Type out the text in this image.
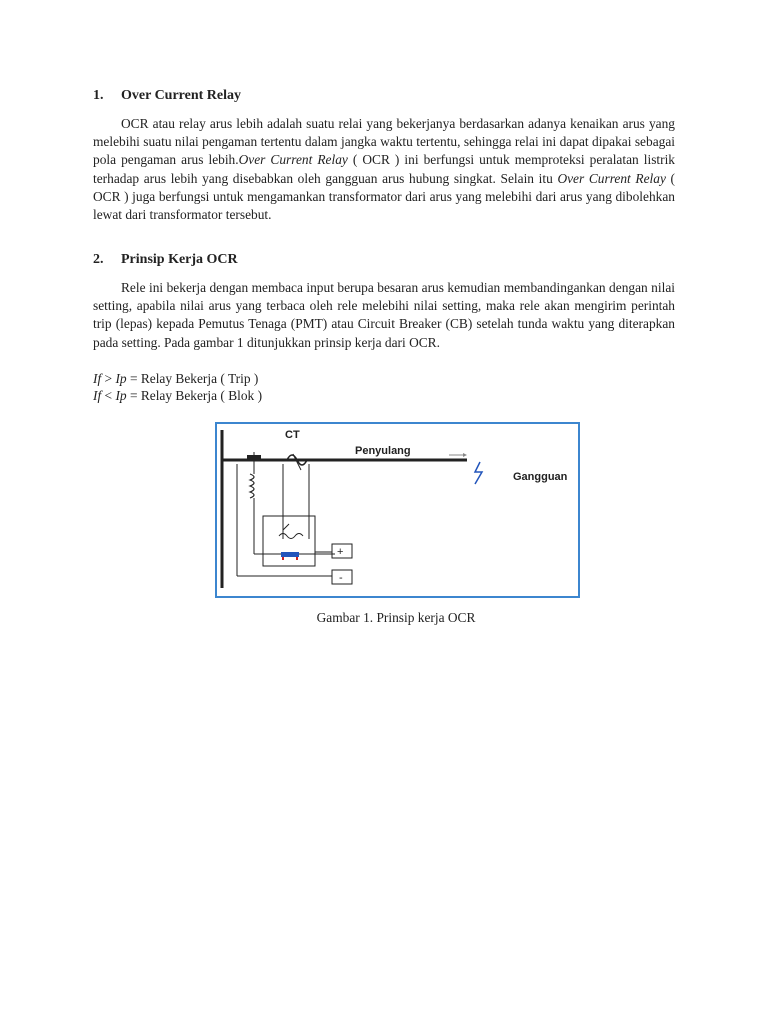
1. Over Current Relay

OCR atau relay arus lebih adalah suatu relai yang bekerjanya berdasarkan adanya kenaikan arus yang melebihi suatu nilai pengaman tertentu dalam jangka waktu tertentu, sehingga relai ini dapat dipakai sebagai pola pengaman arus lebih.Over Current Relay ( OCR ) ini berfungsi untuk memproteksi peralatan listrik terhadap arus lebih yang disebabkan oleh gangguan arus hubung singkat. Selain itu Over Current Relay ( OCR ) juga berfungsi untuk mengamankan transformator dari arus yang melebihi dari arus yang dibolehkan lewat dari transformator tersebut.

2. Prinsip Kerja OCR

Rele ini bekerja dengan membaca input berupa besaran arus kemudian membandingankan dengan nilai setting, apabila nilai arus yang terbaca oleh rele melebihi nilai setting, maka rele akan mengirim perintah trip (lepas) kepada Pemutus Tenaga (PMT) atau Circuit Breaker (CB) setelah tunda waktu yang diterapkan pada setting. Pada gambar 1 ditunjukkan prinsip kerja dari OCR.

If > Ip = Relay Bekerja ( Trip )

If < Ip = Relay Bekerja ( Blok )

+
-
CT
Penyulang
Gangguan

Gambar 1. Prinsip kerja OCR
